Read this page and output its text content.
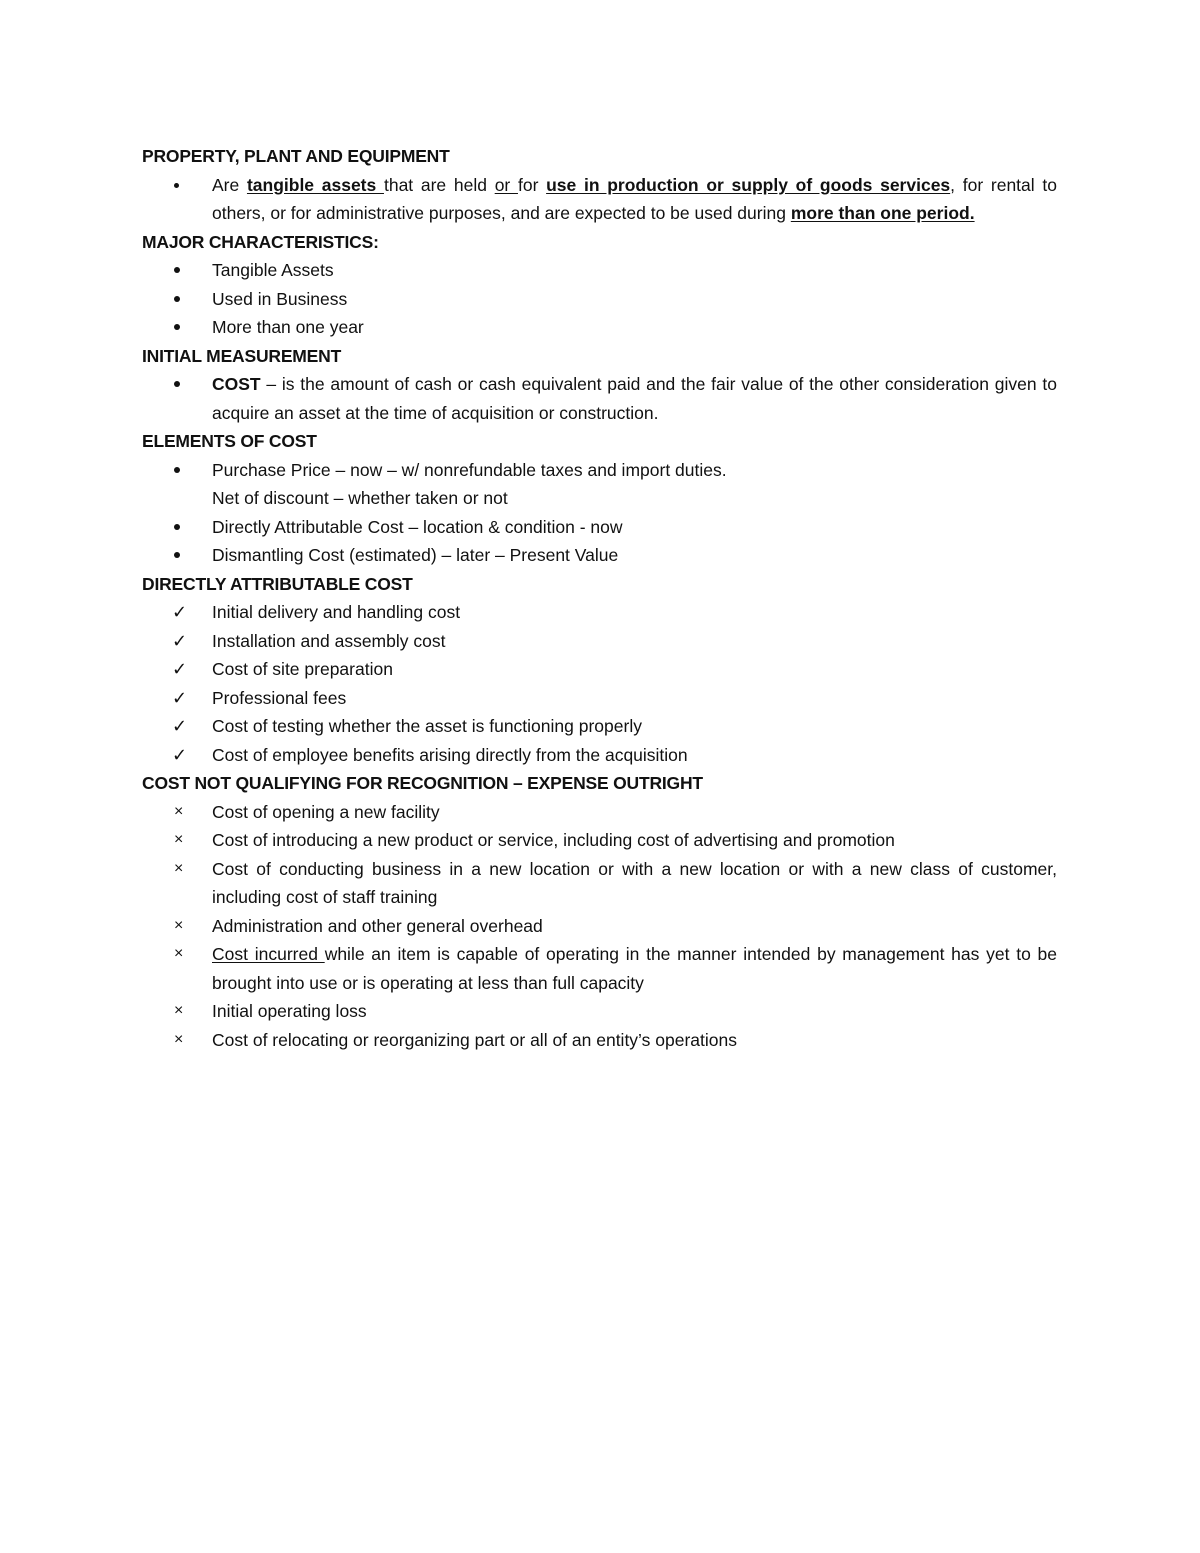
PROPERTY, PLANT AND EQUIPMENT
Are tangible assets that are held or for use in production or supply of goods services, for rental to others, or for administrative purposes, and are expected to be used during more than one period.
MAJOR CHARACTERISTICS:
Tangible Assets
Used in Business
More than one year
INITIAL MEASUREMENT
COST – is the amount of cash or cash equivalent paid and the fair value of the other consideration given to acquire an asset at the time of acquisition or construction.
ELEMENTS OF COST
Purchase Price – now – w/ nonrefundable taxes and import duties.
Net of discount – whether taken or not
Directly Attributable Cost – location & condition - now
Dismantling Cost (estimated) – later – Present Value
DIRECTLY ATTRIBUTABLE COST
✓	Initial delivery and handling cost
✓	Installation and assembly cost
✓	Cost of site preparation
✓	Professional fees
✓	Cost of testing whether the asset is functioning properly
✓	Cost of employee benefits arising directly from the acquisition
COST NOT QUALIFYING FOR RECOGNITION – EXPENSE OUTRIGHT
×	Cost of opening a new facility
×	Cost of introducing a new product or service, including cost of advertising and promotion
×	Cost of conducting business in a new location or with a new location or with a new class of customer, including cost of staff training
×	Administration and other general overhead
×	Cost incurred while an item is capable of operating in the manner intended by management has yet to be brought into use or is operating at less than full capacity
×	Initial operating loss
×	Cost of relocating or reorganizing part or all of an entity’s operations
